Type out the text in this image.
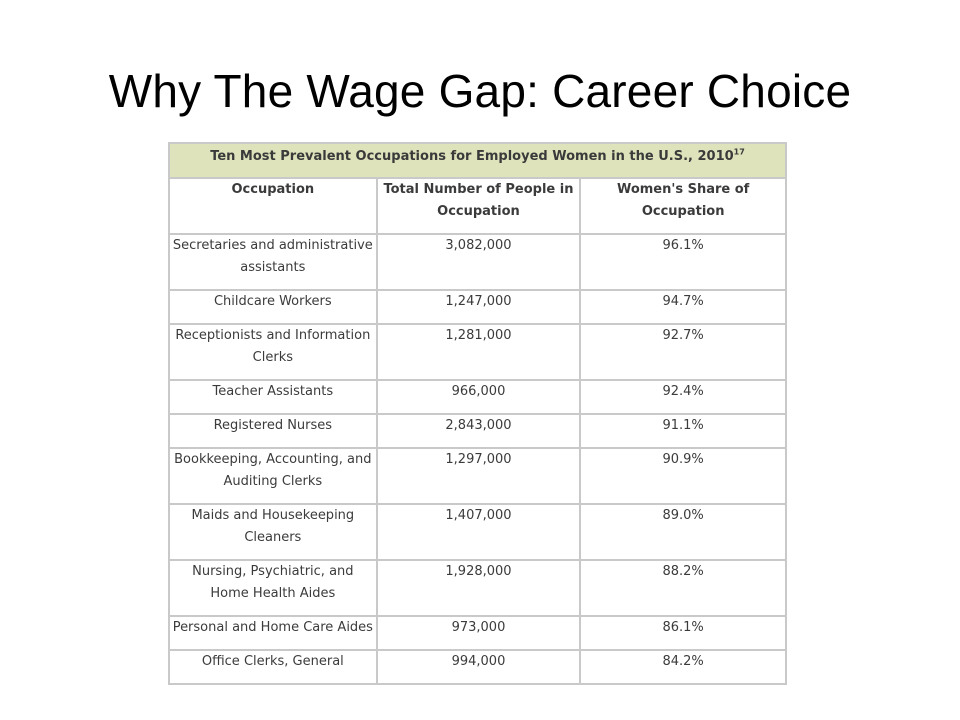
Why The Wage Gap: Career Choice
Ten Most Prevalent Occupations for Employed Women in the U.S., 2010$^{17}$
Occupation	Total Number of People in Occupation	Women's Share of Occupation
Secretaries and administrative assistants	3,082,000	96.1%
Childcare Workers	1,247,000	94.7%
Receptionists and Information Clerks	1,281,000	92.7%
Teacher Assistants	966,000	92.4%
Registered Nurses	2,843,000	91.1%
Bookkeeping, Accounting, and Auditing Clerks	1,297,000	90.9%
Maids and Housekeeping Cleaners	1,407,000	89.0%
Nursing, Psychiatric, and Home Health Aides	1,928,000	88.2%
Personal and Home Care Aides	973,000	86.1%
Office Clerks, General	994,000	84.2%
